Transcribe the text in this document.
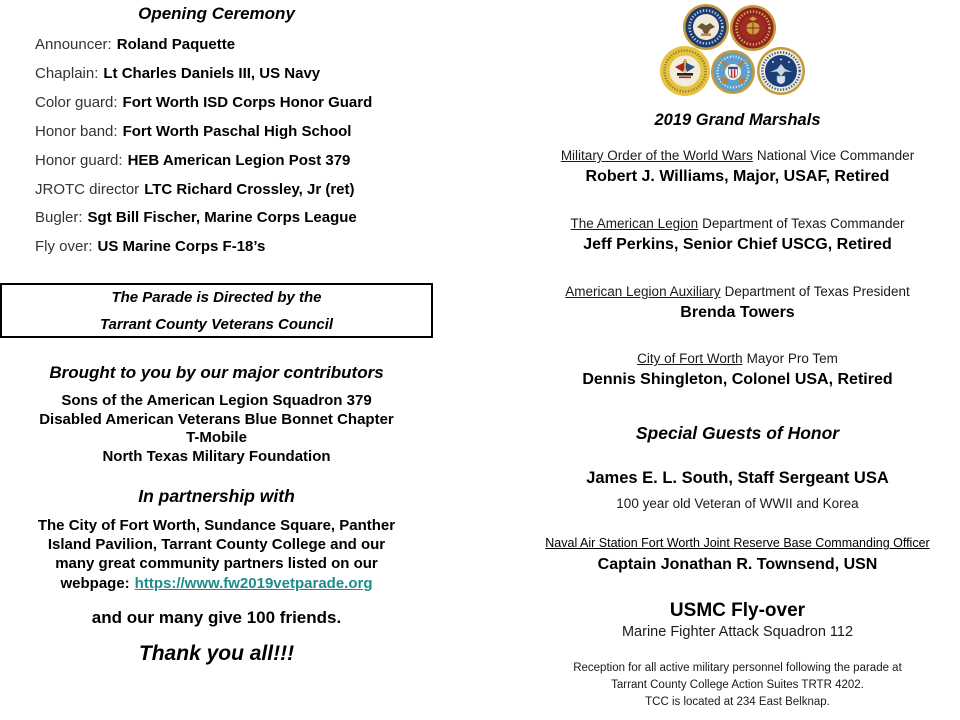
Opening Ceremony
Announcer: Roland Paquette
Chaplain: Lt Charles Daniels III, US Navy
Color guard: Fort Worth ISD Corps Honor Guard
Honor band: Fort Worth Paschal High School
Honor guard: HEB American Legion Post 379
JROTC director LTC Richard Crossley, Jr (ret)
Bugler: Sgt Bill Fischer, Marine Corps League
Fly over: US Marine Corps F-18’s
The Parade is Directed by the
Tarrant County Veterans Council
Brought to you by our major contributors
Sons of the American Legion Squadron 379
Disabled American Veterans Blue Bonnet Chapter
T-Mobile
North Texas Military Foundation
In partnership with
The City of Fort Worth, Sundance Square, Panther
Island Pavilion, Tarrant County College and our
many great community partners listed on our
webpage: https://www.fw2019vetparade.org
and our many give 100 friends.
Thank you all!!!
2019 Grand Marshals
Military Order of the World Wars National Vice Commander
Robert J. Williams, Major, USAF, Retired
The American Legion Department of Texas Commander
Jeff Perkins, Senior Chief USCG, Retired
American Legion Auxiliary Department of Texas President
Brenda Towers
City of Fort Worth Mayor Pro Tem
Dennis Shingleton, Colonel USA, Retired
Special Guests of Honor
James E. L. South, Staff Sergeant USA
100 year old Veteran of WWII and Korea
Naval Air Station Fort Worth Joint Reserve Base Commanding Officer
Captain Jonathan R. Townsend, USN
USMC Fly-over
Marine Fighter Attack Squadron 112
Reception for all active military personnel following the parade at
Tarrant County College Action Suites TRTR 4202.
TCC is located at 234 East Belknap.
